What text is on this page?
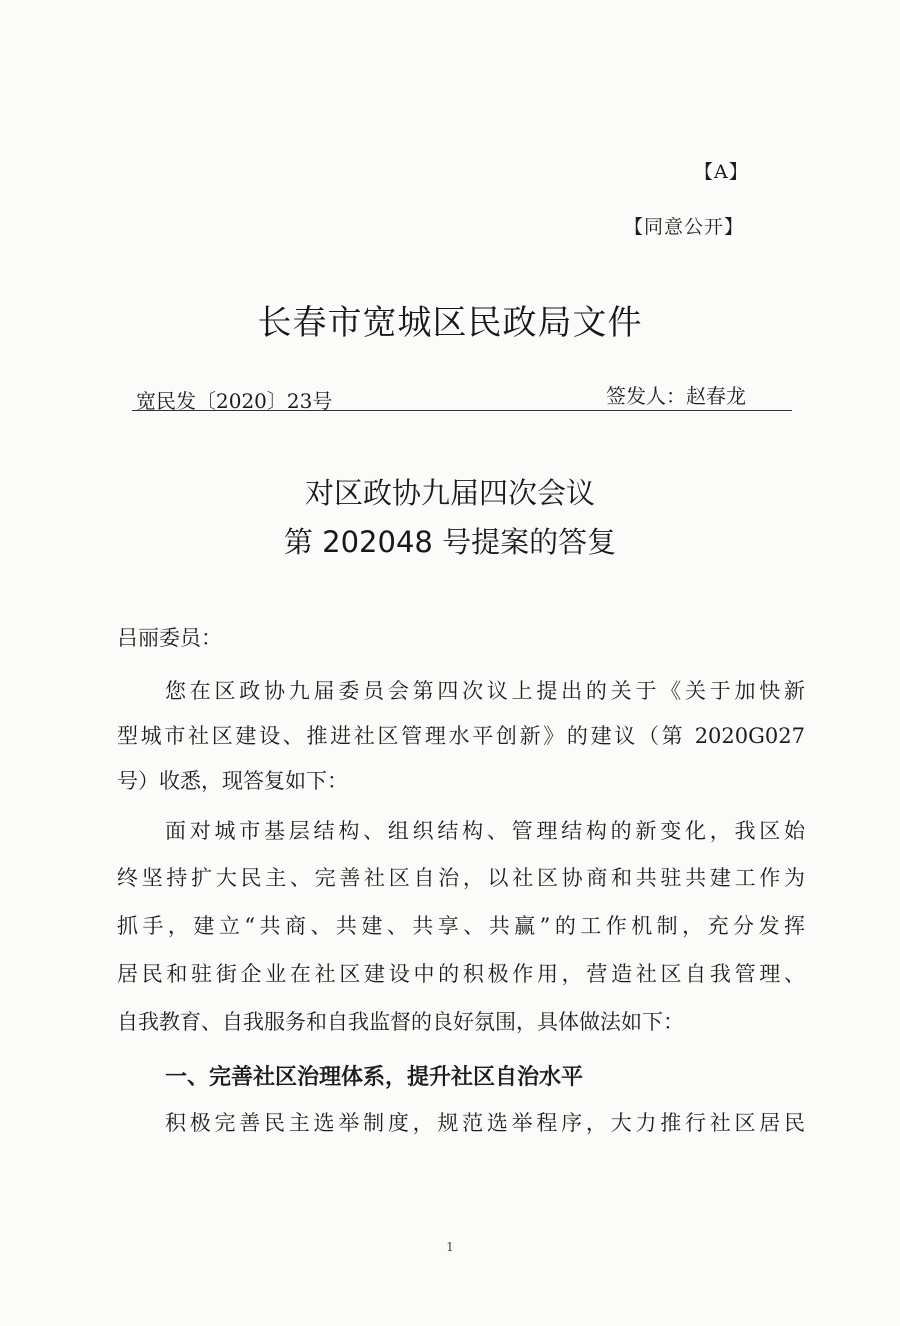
【A】
【同意公开】
长春市宽城区民政局文件
宽民发〔2020〕23号	签发人：赵春龙
对区政协九届四次会议
第 202048 号提案的答复
吕丽委员：
您在区政协九届委员会第四次议上提出的关于《关于加快新
型城市社区建设、推进社区管理水平创新》的建议（第 2020G027
号）收悉，现答复如下：
面对城市基层结构、组织结构、管理结构的新变化，我区始
终坚持扩大民主、完善社区自治，以社区协商和共驻共建工作为
抓手，建立“共商、共建、共享、共赢”的工作机制，充分发挥
居民和驻街企业在社区建设中的积极作用，营造社区自我管理、
自我教育、自我服务和自我监督的良好氛围，具体做法如下：
一、完善社区治理体系，提升社区自治水平
积极完善民主选举制度，规范选举程序，大力推行社区居民
1
